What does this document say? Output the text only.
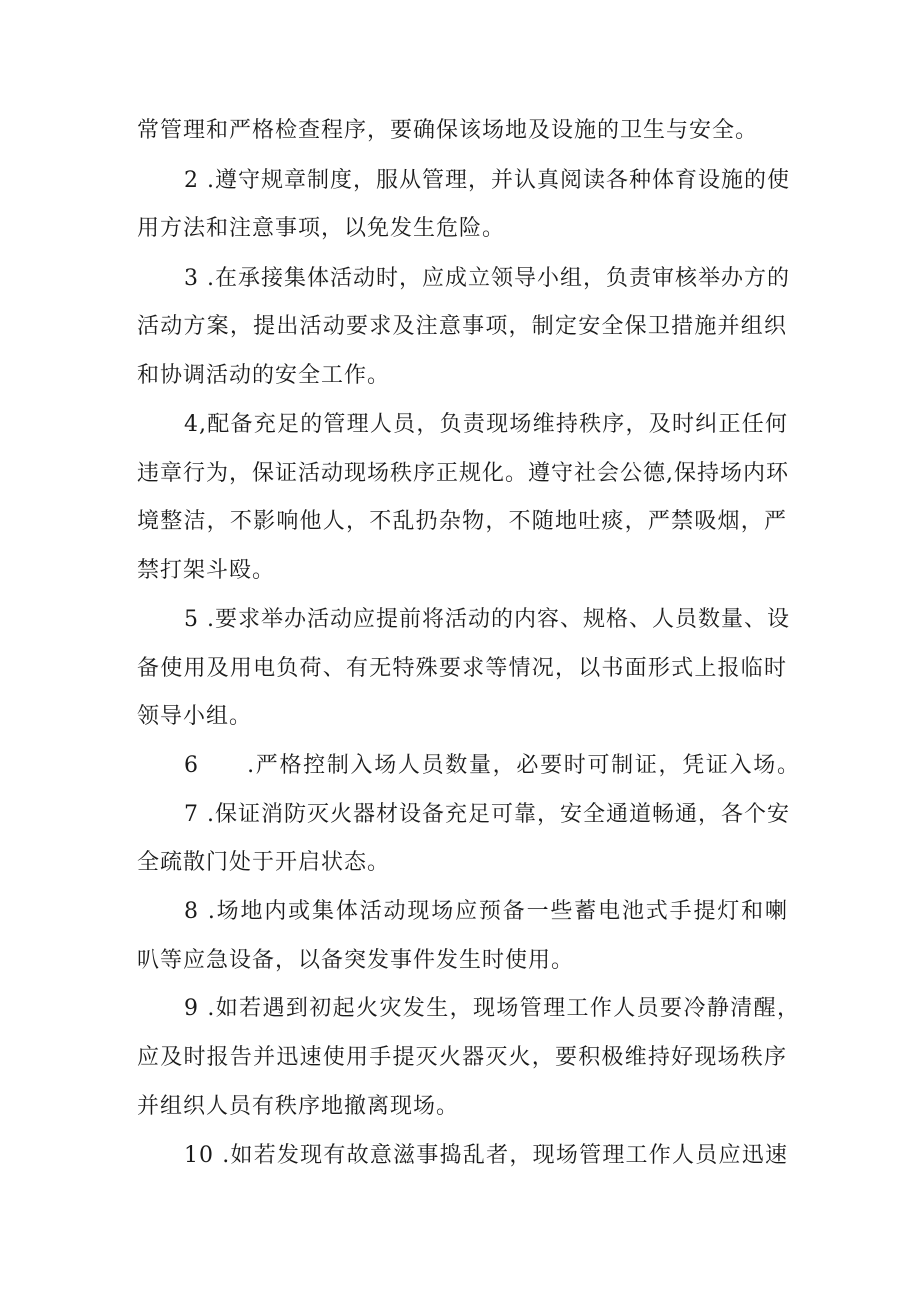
常管理和严格检查程序，要确保该场地及设施的卫生与安全。
2 .遵守规章制度，服从管理，并认真阅读各种体育设施的使
用方法和注意事项，以免发生危险。
3 .在承接集体活动时，应成立领导小组，负责审核举办方的
活动方案，提出活动要求及注意事项，制定安全保卫措施并组织
和协调活动的安全工作。
4,配备充足的管理人员，负责现场维持秩序，及时纠正任何
违章行为，保证活动现场秩序正规化。遵守社会公德,保持场内环
境整洁，不影响他人，不乱扔杂物，不随地吐痰，严禁吸烟，严
禁打架斗殴。
5 .要求举办活动应提前将活动的内容、规格、人员数量、设
备使用及用电负荷、有无特殊要求等情况，以书面形式上报临时
领导小组。
6　　.严格控制入场人员数量，必要时可制证，凭证入场。
7 .保证消防灭火器材设备充足可靠，安全通道畅通，各个安
全疏散门处于开启状态。
8 .场地内或集体活动现场应预备一些蓄电池式手提灯和喇
叭等应急设备，以备突发事件发生时使用。
9 .如若遇到初起火灾发生，现场管理工作人员要冷静清醒，
应及时报告并迅速使用手提灭火器灭火，要积极维持好现场秩序
并组织人员有秩序地撤离现场。
10 .如若发现有故意滋事捣乱者，现场管理工作人员应迅速
